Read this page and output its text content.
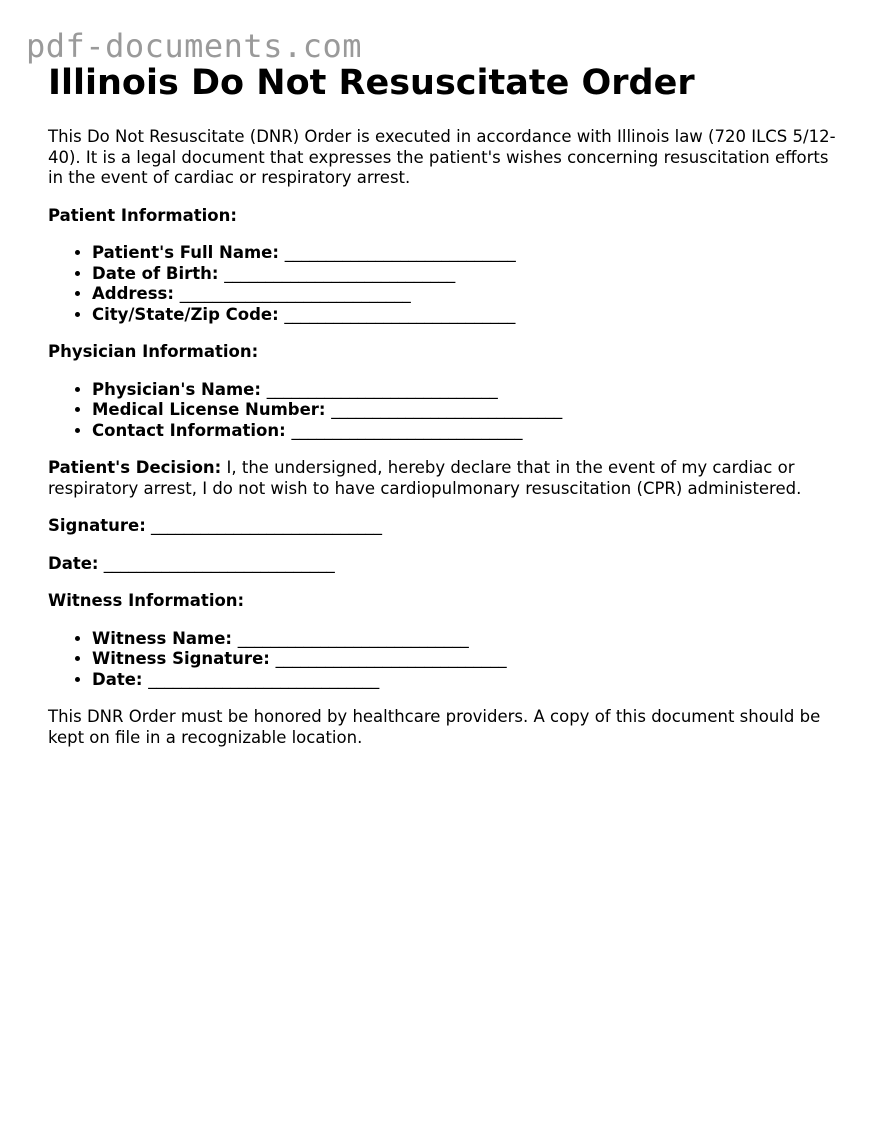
pdf-documents.com
Illinois Do Not Resuscitate Order

This Do Not Resuscitate (DNR) Order is executed in accordance with Illinois law (720 ILCS 5/12-40). It is a legal document that expresses the patient's wishes concerning resuscitation efforts in the event of cardiac or respiratory arrest.

Patient Information:

• Patient's Full Name: ____________________________
• Date of Birth: ____________________________
• Address: ____________________________
• City/State/Zip Code: ____________________________

Physician Information:

• Physician's Name: ____________________________
• Medical License Number: ____________________________
• Contact Information: ____________________________

Patient's Decision: I, the undersigned, hereby declare that in the event of my cardiac or respiratory arrest, I do not wish to have cardiopulmonary resuscitation (CPR) administered.

Signature: ____________________________

Date: ____________________________

Witness Information:

• Witness Name: ____________________________
• Witness Signature: ____________________________
• Date: ____________________________

This DNR Order must be honored by healthcare providers. A copy of this document should be kept on file in a recognizable location.
